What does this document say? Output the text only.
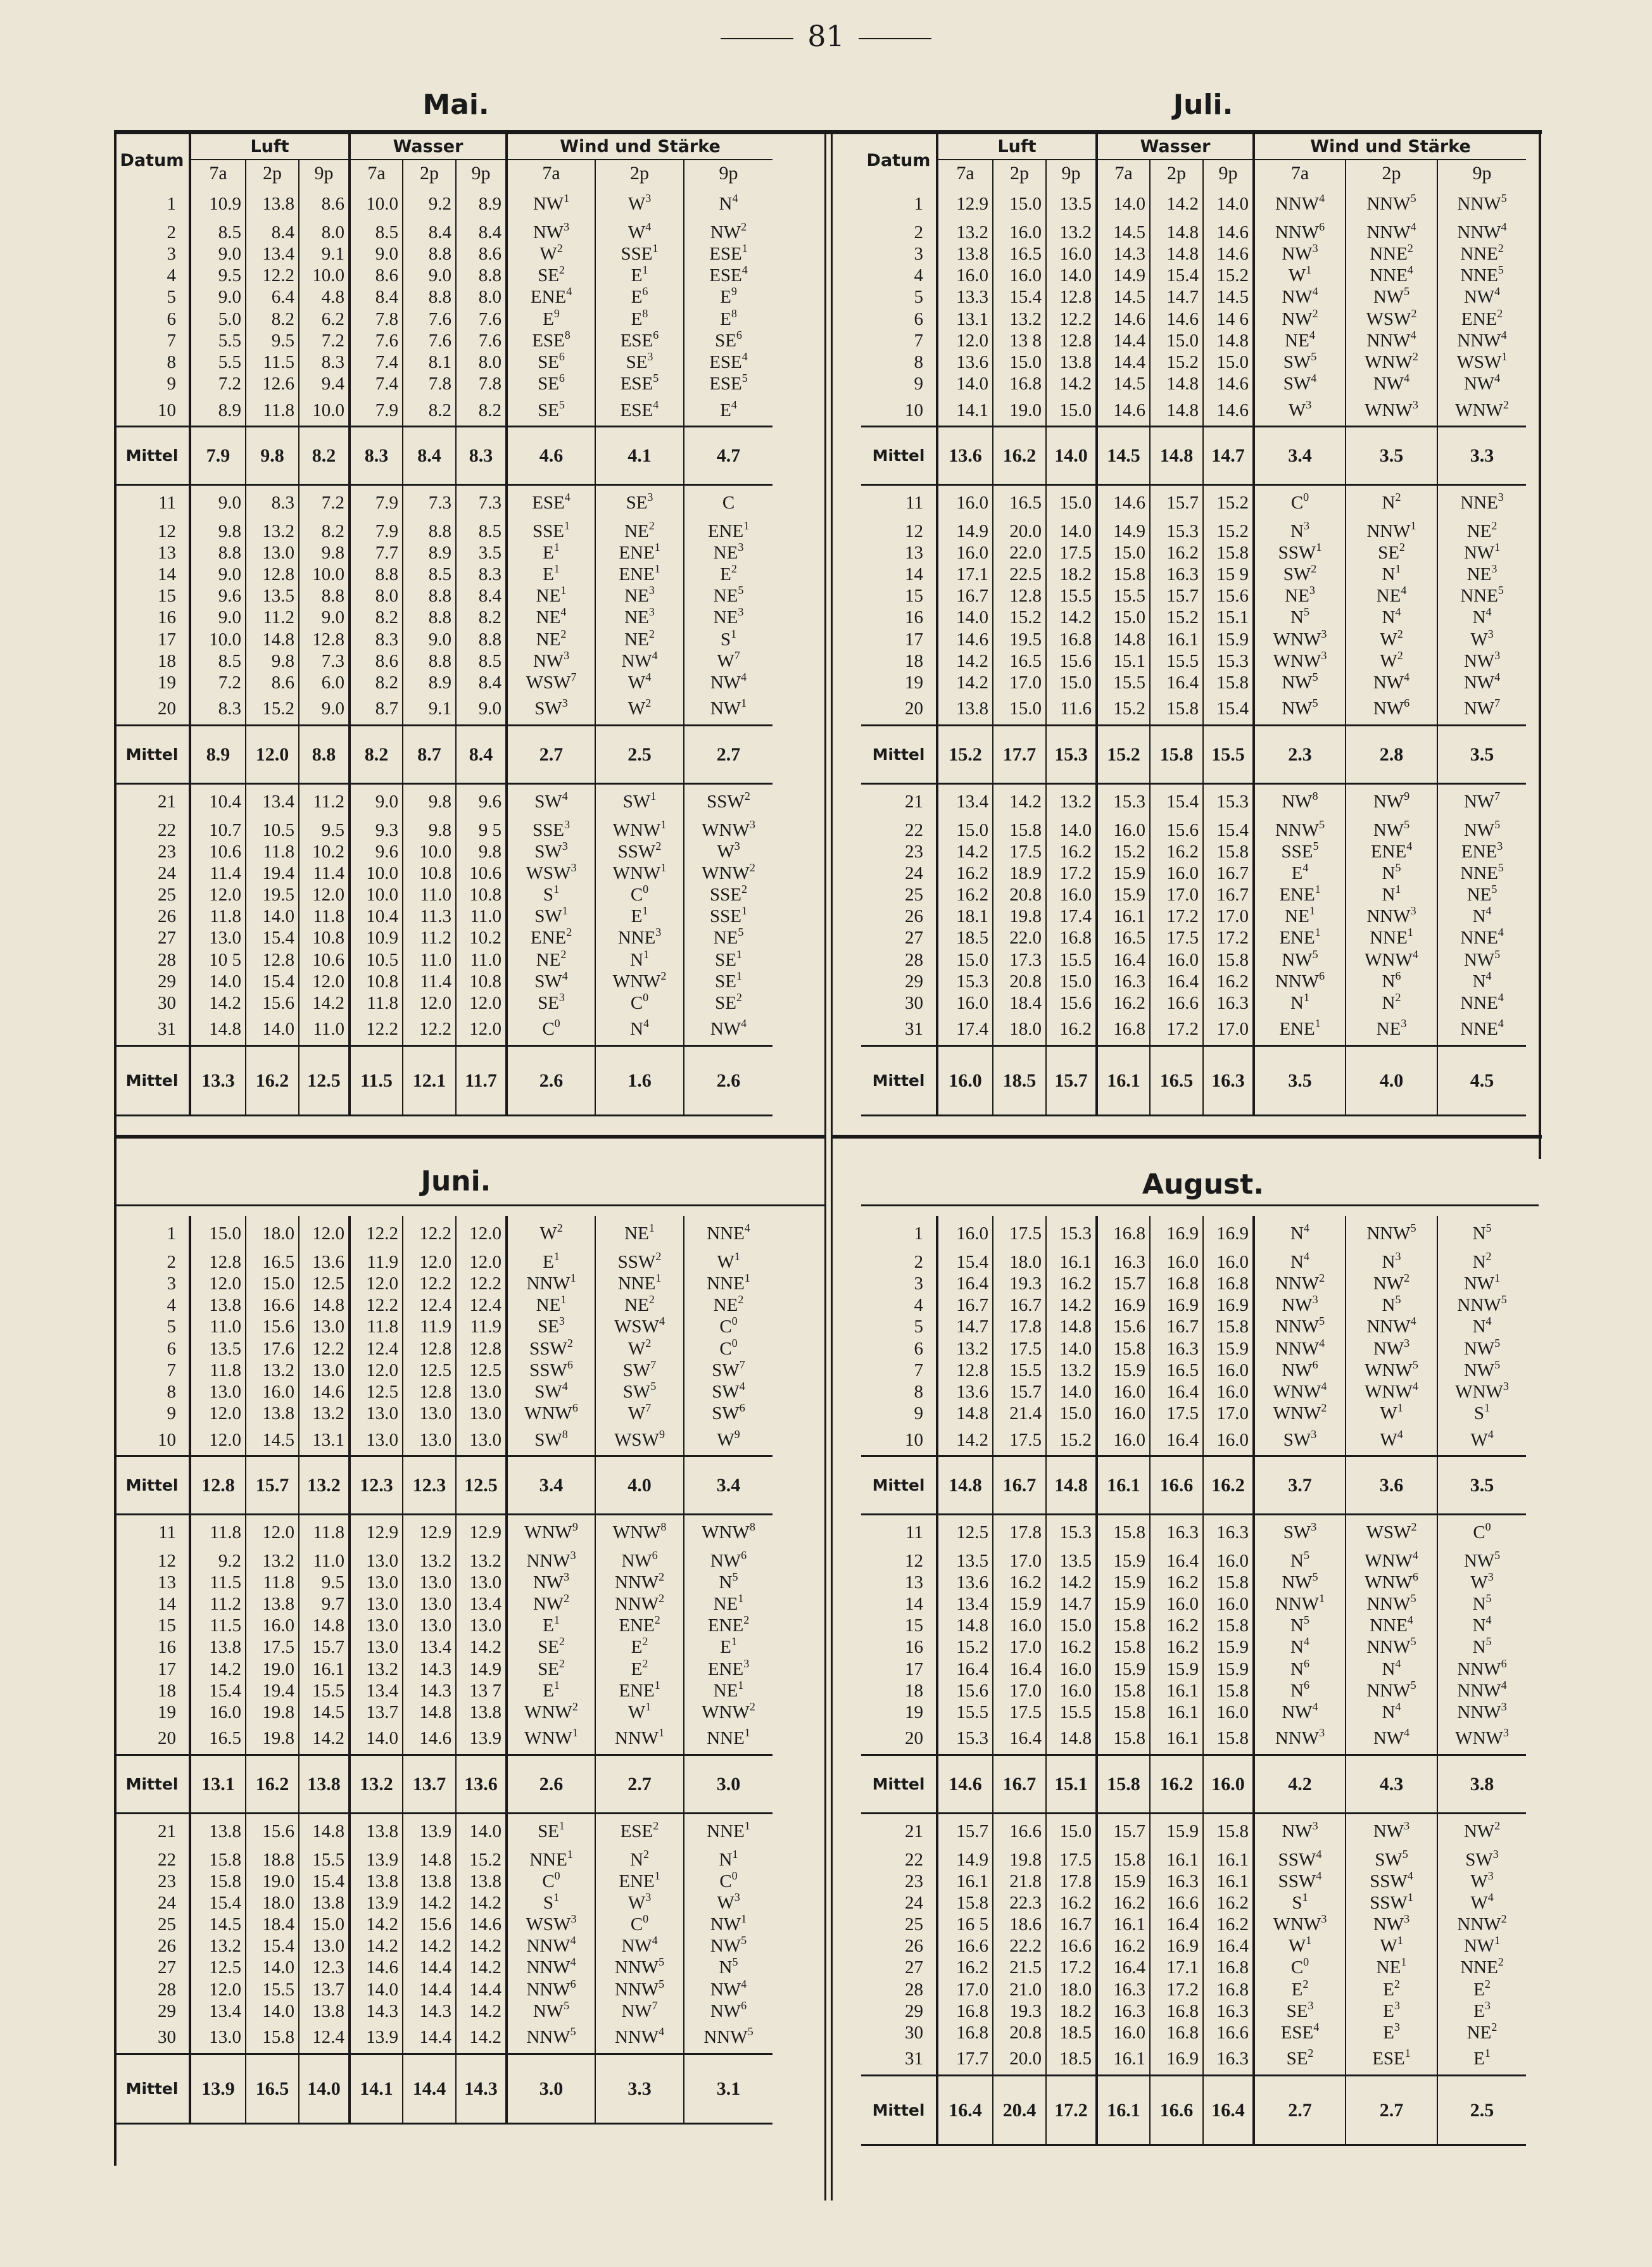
81
Mai.	Juli.
Juni.	August.
Datum	Luft			Wasser			Wind und Stärke		
	7a	2p	9p	7a	2p	9p	7a	2p	9p
1	10.9	13.8	8.6	10.0	9.2	8.9	$NW^1$	$W^3$	$N^4$
2	8.5	8.4	8.0	8.5	8.4	8.4	$NW^3$	$W^4$	$NW^2$
3	9.0	13.4	9.1	9.0	8.8	8.6	$W^2$	SSE$^1$	ESE$^1$
4	9.5	12.2	10.0	8.6	9.0	8.8	$SE^2$	$E^1$	ESE$^4$
5	9.0	6.4	4.8	8.4	8.8	8.0	ENE$^4$	$E^6$	$E^9$
6	5.0	8.2	6.2	7.8	7.6	7.6	$E^9$	$E^8$	$E^8$
7	5.5	9.5	7.2	7.6	7.6	7.6	ESE$^8$	ESE$^6$	$SE^6$
8	5.5	11.5	8.3	7.4	8.1	8.0	$SE^6$	$SE^3$	ESE$^4$
9	7.2	12.6	9.4	7.4	7.8	7.8	$SE^6$	ESE$^5$	ESE$^5$
10	8.9	11.8	10.0	7.9	8.2	8.2	$SE^5$	ESE$^4$	$E^4$
Mittel	7.9	9.8	8.2	8.3	8.4	8.3	4.6	4.1	4.7
11	9.0	8.3	7.2	7.9	7.3	7.3	ESE$^4$	$SE^3$	C
12	9.8	13.2	8.2	7.9	8.8	8.5	SSE$^1$	$NE^2$	ENE$^1$
13	8.8	13.0	9.8	7.7	8.9	3.5	$E^1$	ENE$^1$	$NE^3$
14	9.0	12.8	10.0	8.8	8.5	8.3	$E^1$	ENE$^1$	$E^2$
15	9.6	13.5	8.8	8.0	8.8	8.4	$NE^1$	$NE^3$	$NE^5$
16	9.0	11.2	9.0	8.2	8.8	8.2	$NE^4$	$NE^3$	$NE^3$
17	10.0	14.8	12.8	8.3	9.0	8.8	$NE^2$	$NE^2$	$S^1$
18	8.5	9.8	7.3	8.6	8.8	8.5	$NW^3$	$NW^4$	$W^7$
19	7.2	8.6	6.0	8.2	8.9	8.4	WSW$^7$	$W^4$	$NW^4$
20	8.3	15.2	9.0	8.7	9.1	9.0	$SW^3$	$W^2$	$NW^1$
Mittel	8.9	12.0	8.8	8.2	8.7	8.4	2.7	2.5	2.7
21	10.4	13.4	11.2	9.0	9.8	9.6	$SW^4$	$SW^1$	SSW$^2$
22	10.7	10.5	9.5	9.3	9.8	9 5	SSE$^3$	WNW$^1$	WNW$^3$
23	10.6	11.8	10.2	9.6	10.0	9.8	$SW^3$	SSW$^2$	$W^3$
24	11.4	19.4	11.4	10.0	10.8	10.6	WSW$^3$	WNW$^1$	WNW$^2$
25	12.0	19.5	12.0	10.0	11.0	10.8	$S^1$	$C^0$	SSE$^2$
26	11.8	14.0	11.8	10.4	11.3	11.0	$SW^1$	$E^1$	SSE$^1$
27	13.0	15.4	10.8	10.9	11.2	10.2	ENE$^2$	NNE$^3$	$NE^5$
28	10 5	12.8	10.6	10.5	11.0	11.0	$NE^2$	$N^1$	$SE^1$
29	14.0	15.4	12.0	10.8	11.4	10.8	$SW^4$	WNW$^2$	$SE^1$
30	14.2	15.6	14.2	11.8	12.0	12.0	$SE^3$	$C^0$	$SE^2$
31	14.8	14.0	11.0	12.2	12.2	12.0	$C^0$	$N^4$	$NW^4$
Mittel	13.3	16.2	12.5	11.5	12.1	11.7	2.6	1.6	2.6
Datum	Luft			Wasser			Wind und Stärke		
	7a	2p	9p	7a	2p	9p	7a	2p	9p
1	12.9	15.0	13.5	14.0	14.2	14.0	NNW$^4$	NNW$^5$	NNW$^5$
2	13.2	16.0	13.2	14.5	14.8	14.6	NNW$^6$	NNW$^4$	NNW$^4$
3	13.8	16.5	16.0	14.3	14.8	14.6	$NW^3$	NNE$^2$	NNE$^2$
4	16.0	16.0	14.0	14.9	15.4	15.2	$W^1$	NNE$^4$	NNE$^5$
5	13.3	15.4	12.8	14.5	14.7	14.5	$NW^4$	$NW^5$	$NW^4$
6	13.1	13.2	12.2	14.6	14.6	14 6	$NW^2$	WSW$^2$	ENE$^2$
7	12.0	13 8	12.8	14.4	15.0	14.8	$NE^4$	NNW$^4$	NNW$^4$
8	13.6	15.0	13.8	14.4	15.2	15.0	$SW^5$	WNW$^2$	WSW$^1$
9	14.0	16.8	14.2	14.5	14.8	14.6	$SW^4$	$NW^4$	$NW^4$
10	14.1	19.0	15.0	14.6	14.8	14.6	$W^3$	WNW$^3$	WNW$^2$
Mittel	13.6	16.2	14.0	14.5	14.8	14.7	3.4	3.5	3.3
11	16.0	16.5	15.0	14.6	15.7	15.2	$C^0$	$N^2$	NNE$^3$
12	14.9	20.0	14.0	14.9	15.3	15.2	$N^3$	NNW$^1$	$NE^2$
13	16.0	22.0	17.5	15.0	16.2	15.8	SSW$^1$	$SE^2$	$NW^1$
14	17.1	22.5	18.2	15.8	16.3	15 9	$SW^2$	$N^1$	$NE^3$
15	16.7	12.8	15.5	15.5	15.7	15.6	$NE^3$	$NE^4$	NNE$^5$
16	14.0	15.2	14.2	15.0	15.2	15.1	$N^5$	$N^4$	$N^4$
17	14.6	19.5	16.8	14.8	16.1	15.9	WNW$^3$	$W^2$	$W^3$
18	14.2	16.5	15.6	15.1	15.5	15.3	WNW$^3$	$W^2$	$NW^3$
19	14.2	17.0	15.0	15.5	16.4	15.8	$NW^5$	$NW^4$	$NW^4$
20	13.8	15.0	11.6	15.2	15.8	15.4	$NW^5$	$NW^6$	$NW^7$
Mittel	15.2	17.7	15.3	15.2	15.8	15.5	2.3	2.8	3.5
21	13.4	14.2	13.2	15.3	15.4	15.3	$NW^8$	$NW^9$	$NW^7$
22	15.0	15.8	14.0	16.0	15.6	15.4	NNW$^5$	$NW^5$	$NW^5$
23	14.2	17.5	16.2	15.2	16.2	15.8	SSE$^5$	ENE$^4$	ENE$^3$
24	16.2	18.9	17.2	15.9	16.0	16.7	$E^4$	$N^5$	NNE$^5$
25	16.2	20.8	16.0	15.9	17.0	16.7	ENE$^1$	$N^1$	$NE^5$
26	18.1	19.8	17.4	16.1	17.2	17.0	$NE^1$	NNW$^3$	$N^4$
27	18.5	22.0	16.8	16.5	17.5	17.2	ENE$^1$	NNE$^1$	NNE$^4$
28	15.0	17.3	15.5	16.4	16.0	15.8	$NW^5$	WNW$^4$	$NW^5$
29	15.3	20.8	15.0	16.3	16.4	16.2	NNW$^6$	$N^6$	$N^4$
30	16.0	18.4	15.6	16.2	16.6	16.3	$N^1$	$N^2$	NNE$^4$
31	17.4	18.0	16.2	16.8	17.2	17.0	ENE$^1$	$NE^3$	NNE$^4$
Mittel	16.0	18.5	15.7	16.1	16.5	16.3	3.5	4.0	4.5
1	15.0	18.0	12.0	12.2	12.2	12.0	$W^2$	$NE^1$	NNE$^4$
2	12.8	16.5	13.6	11.9	12.0	12.0	$E^1$	SSW$^2$	$W^1$
3	12.0	15.0	12.5	12.0	12.2	12.2	NNW$^1$	NNE$^1$	NNE$^1$
4	13.8	16.6	14.8	12.2	12.4	12.4	$NE^1$	$NE^2$	$NE^2$
5	11.0	15.6	13.0	11.8	11.9	11.9	$SE^3$	WSW$^4$	$C^0$
6	13.5	17.6	12.2	12.4	12.8	12.8	SSW$^2$	$W^2$	$C^0$
7	11.8	13.2	13.0	12.0	12.5	12.5	SSW$^6$	$SW^7$	$SW^7$
8	13.0	16.0	14.6	12.5	12.8	13.0	$SW^4$	$SW^5$	$SW^4$
9	12.0	13.8	13.2	13.0	13.0	13.0	WNW$^6$	$W^7$	$SW^6$
10	12.0	14.5	13.1	13.0	13.0	13.0	$SW^8$	WSW$^9$	$W^9$
Mittel	12.8	15.7	13.2	12.3	12.3	12.5	3.4	4.0	3.4
11	11.8	12.0	11.8	12.9	12.9	12.9	WNW$^9$	WNW$^8$	WNW$^8$
12	9.2	13.2	11.0	13.0	13.2	13.2	NNW$^3$	$NW^6$	$NW^6$
13	11.5	11.8	9.5	13.0	13.0	13.0	$NW^3$	NNW$^2$	$N^5$
14	11.2	13.8	9.7	13.0	13.0	13.4	$NW^2$	NNW$^2$	$NE^1$
15	11.5	16.0	14.8	13.0	13.0	13.0	$E^1$	ENE$^2$	ENE$^2$
16	13.8	17.5	15.7	13.0	13.4	14.2	$SE^2$	$E^2$	$E^1$
17	14.2	19.0	16.1	13.2	14.3	14.9	$SE^2$	$E^2$	ENE$^3$
18	15.4	19.4	15.5	13.4	14.3	13 7	$E^1$	ENE$^1$	$NE^1$
19	16.0	19.8	14.5	13.7	14.8	13.8	WNW$^2$	$W^1$	WNW$^2$
20	16.5	19.8	14.2	14.0	14.6	13.9	WNW$^1$	NNW$^1$	NNE$^1$
Mittel	13.1	16.2	13.8	13.2	13.7	13.6	2.6	2.7	3.0
21	13.8	15.6	14.8	13.8	13.9	14.0	$SE^1$	ESE$^2$	NNE$^1$
22	15.8	18.8	15.5	13.9	14.8	15.2	NNE$^1$	$N^2$	$N^1$
23	15.8	19.0	15.4	13.8	13.8	13.8	$C^0$	ENE$^1$	$C^0$
24	15.4	18.0	13.8	13.9	14.2	14.2	$S^1$	$W^3$	$W^3$
25	14.5	18.4	15.0	14.2	15.6	14.6	WSW$^3$	$C^0$	$NW^1$
26	13.2	15.4	13.0	14.2	14.2	14.2	NNW$^4$	$NW^4$	$NW^5$
27	12.5	14.0	12.3	14.6	14.4	14.2	NNW$^4$	NNW$^5$	$N^5$
28	12.0	15.5	13.7	14.0	14.4	14.4	NNW$^6$	NNW$^5$	$NW^4$
29	13.4	14.0	13.8	14.3	14.3	14.2	$NW^5$	$NW^7$	$NW^6$
30	13.0	15.8	12.4	13.9	14.4	14.2	NNW$^5$	NNW$^4$	NNW$^5$
Mittel	13.9	16.5	14.0	14.1	14.4	14.3	3.0	3.3	3.1
1	16.0	17.5	15.3	16.8	16.9	16.9	$N^4$	NNW$^5$	$N^5$
2	15.4	18.0	16.1	16.3	16.0	16.0	$N^4$	$N^3$	$N^2$
3	16.4	19.3	16.2	15.7	16.8	16.8	NNW$^2$	$NW^2$	$NW^1$
4	16.7	16.7	14.2	16.9	16.9	16.9	$NW^3$	$N^5$	NNW$^5$
5	14.7	17.8	14.8	15.6	16.7	15.8	NNW$^5$	NNW$^4$	$N^4$
6	13.2	17.5	14.0	15.8	16.3	15.9	NNW$^4$	$NW^3$	$NW^5$
7	12.8	15.5	13.2	15.9	16.5	16.0	$NW^6$	WNW$^5$	$NW^5$
8	13.6	15.7	14.0	16.0	16.4	16.0	WNW$^4$	WNW$^4$	WNW$^3$
9	14.8	21.4	15.0	16.0	17.5	17.0	WNW$^2$	$W^1$	$S^1$
10	14.2	17.5	15.2	16.0	16.4	16.0	$SW^3$	$W^4$	$W^4$
Mittel	14.8	16.7	14.8	16.1	16.6	16.2	3.7	3.6	3.5
11	12.5	17.8	15.3	15.8	16.3	16.3	$SW^3$	WSW$^2$	$C^0$
12	13.5	17.0	13.5	15.9	16.4	16.0	$N^5$	WNW$^4$	$NW^5$
13	13.6	16.2	14.2	15.9	16.2	15.8	$NW^5$	WNW$^6$	$W^3$
14	13.4	15.9	14.7	15.9	16.0	16.0	NNW$^1$	NNW$^5$	$N^5$
15	14.8	16.0	15.0	15.8	16.2	15.8	$N^5$	NNE$^4$	$N^4$
16	15.2	17.0	16.2	15.8	16.2	15.9	$N^4$	NNW$^5$	$N^5$
17	16.4	16.4	16.0	15.9	15.9	15.9	$N^6$	$N^4$	NNW$^6$
18	15.6	17.0	16.0	15.8	16.1	15.8	$N^6$	NNW$^5$	NNW$^4$
19	15.5	17.5	15.5	15.8	16.1	16.0	$NW^4$	$N^4$	NNW$^3$
20	15.3	16.4	14.8	15.8	16.1	15.8	NNW$^3$	$NW^4$	WNW$^3$
Mittel	14.6	16.7	15.1	15.8	16.2	16.0	4.2	4.3	3.8
21	15.7	16.6	15.0	15.7	15.9	15.8	$NW^3$	$NW^3$	$NW^2$
22	14.9	19.8	17.5	15.8	16.1	16.1	SSW$^4$	$SW^5$	$SW^3$
23	16.1	21.8	17.8	15.9	16.3	16.1	SSW$^4$	SSW$^4$	$W^3$
24	15.8	22.3	16.2	16.2	16.6	16.2	$S^1$	SSW$^1$	$W^4$
25	16 5	18.6	16.7	16.1	16.4	16.2	WNW$^3$	$NW^3$	NNW$^2$
26	16.6	22.2	16.6	16.2	16.9	16.4	$W^1$	$W^1$	$NW^1$
27	16.2	21.5	17.2	16.4	17.1	16.8	$C^0$	$NE^1$	NNE$^2$
28	17.0	21.0	18.0	16.3	17.2	16.8	$E^2$	$E^2$	$E^2$
29	16.8	19.3	18.2	16.3	16.8	16.3	$SE^3$	$E^3$	$E^3$
30	16.8	20.8	18.5	16.0	16.8	16.6	ESE$^4$	$E^3$	$NE^2$
31	17.7	20.0	18.5	16.1	16.9	16.3	$SE^2$	ESE$^1$	$E^1$
Mittel	16.4	20.4	17.2	16.1	16.6	16.4	2.7	2.7	2.5
